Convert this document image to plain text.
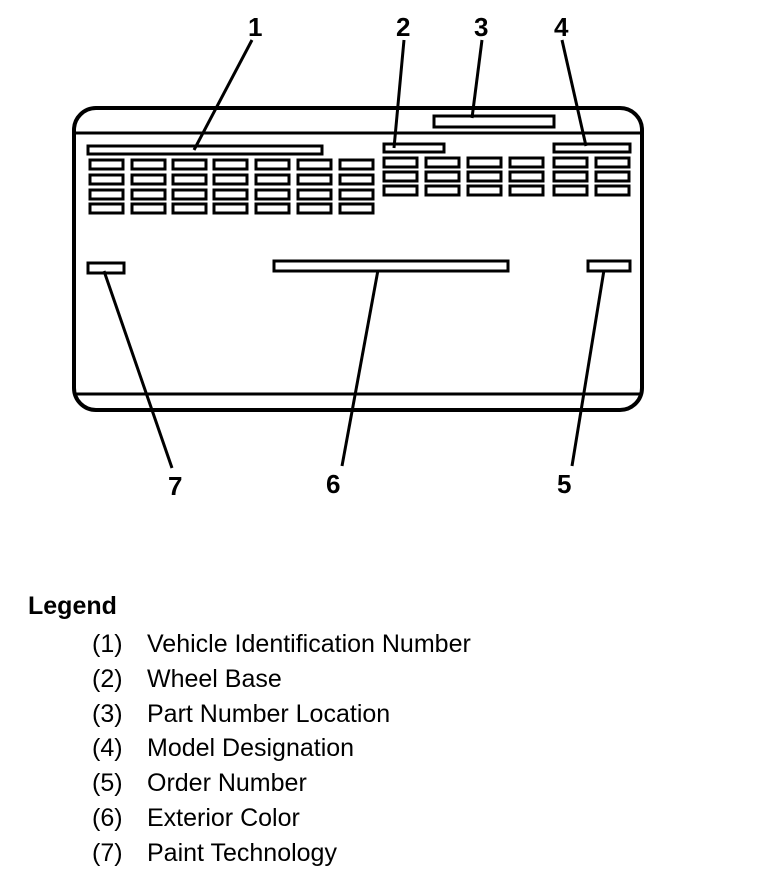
1	2 3	4
5
6
7
Legend
(1) Vehicle Identification Number
(2) Wheel Base
(3) Part Number Location
(4) Model Designation
(5) Order Number
(6) Exterior Color
(7) Paint Technology
